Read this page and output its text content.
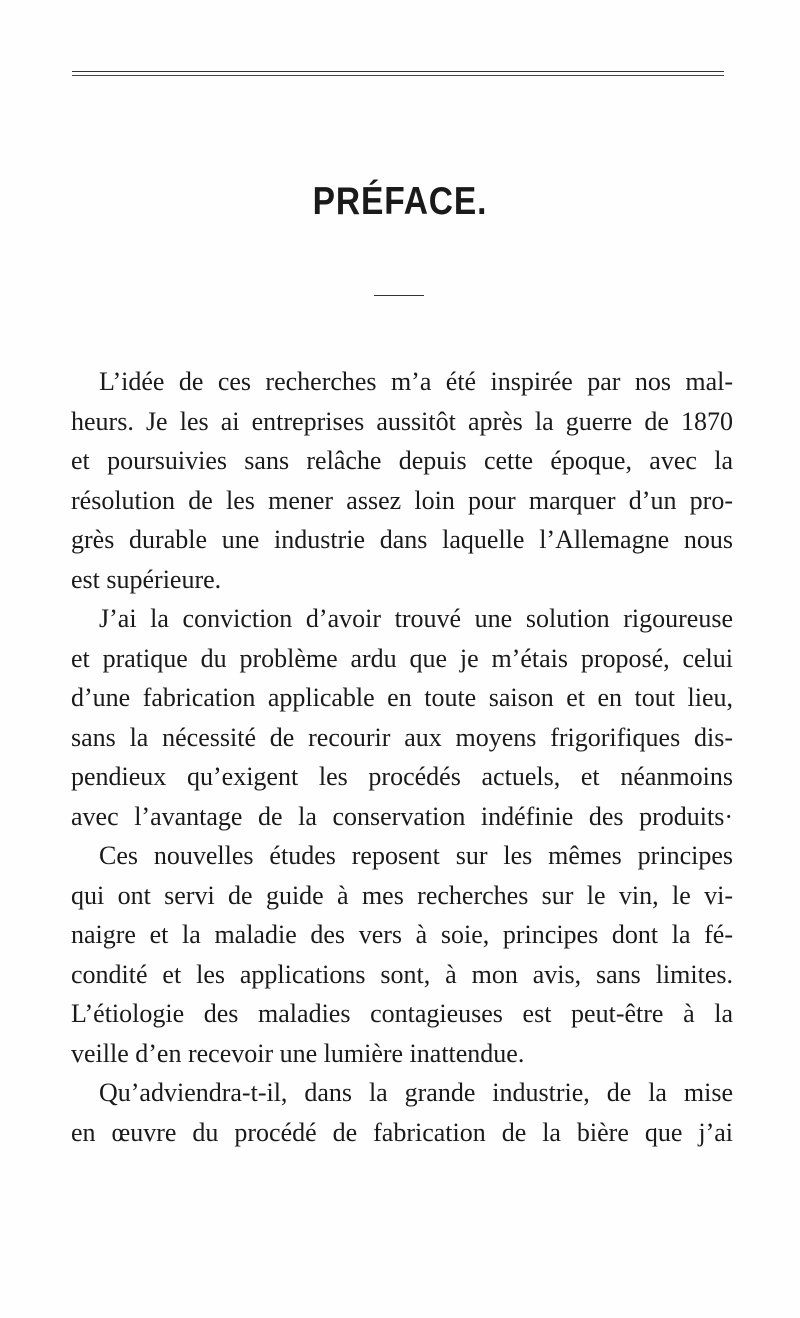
PRÉFACE.
L’idée de ces recherches m’a été inspirée par nos mal-
heurs. Je les ai entreprises aussitôt après la guerre de 1870
et poursuivies sans relâche depuis cette époque, avec la
résolution de les mener assez loin pour marquer d’un pro-
grès durable une industrie dans laquelle l’Allemagne nous
est supérieure.
J’ai la conviction d’avoir trouvé une solution rigoureuse
et pratique du problème ardu que je m’étais proposé, celui
d’une fabrication applicable en toute saison et en tout lieu,
sans la nécessité de recourir aux moyens frigorifiques dis-
pendieux qu’exigent les procédés actuels, et néanmoins
avec l’avantage de la conservation indéfinie des produits·
Ces nouvelles études reposent sur les mêmes principes
qui ont servi de guide à mes recherches sur le vin, le vi-
naigre et la maladie des vers à soie, principes dont la fé-
condité et les applications sont, à mon avis, sans limites.
L’étiologie des maladies contagieuses est peut-être à la
veille d’en recevoir une lumière inattendue.
Qu’adviendra-t-il, dans la grande industrie, de la mise
en œuvre du procédé de fabrication de la bière que j’ai
